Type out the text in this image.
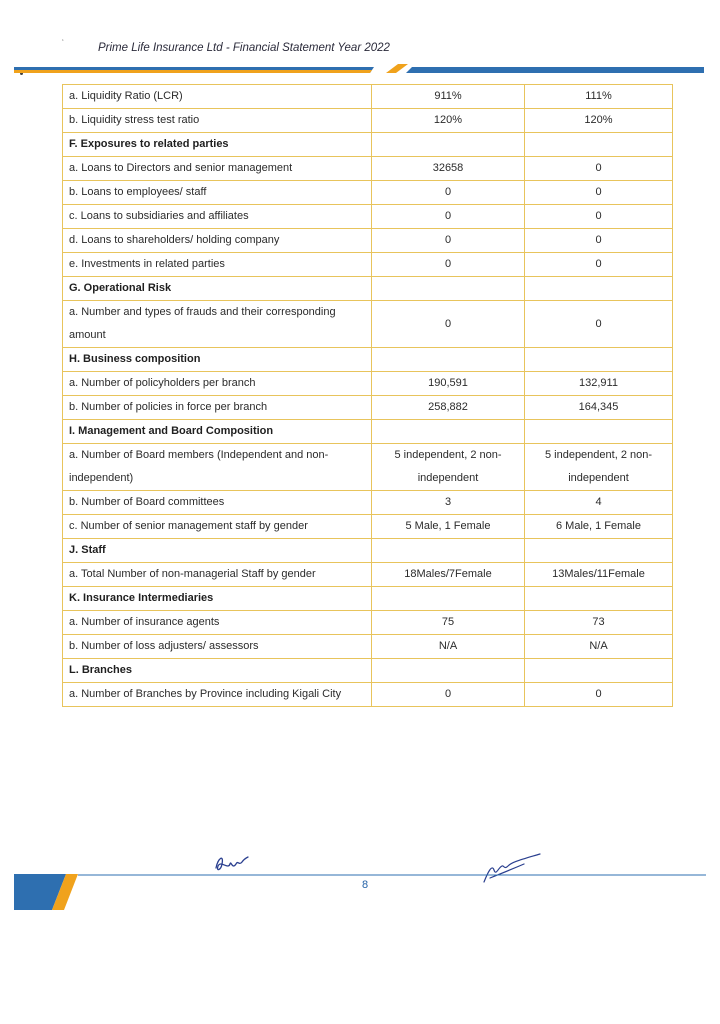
‘	Prime Life Insurance Ltd - Financial Statement Year 2022
a. Liquidity Ratio (LCR)	911%	111%
b. Liquidity stress test ratio	120%	120%
F. Exposures to related parties		
a. Loans to Directors and senior management	32658	0
b. Loans to employees/ staff	0	0
c. Loans to subsidiaries and affiliates	0	0
d. Loans to shareholders/ holding company	0	0
e. Investments in related parties	0	0
G. Operational Risk		
a. Number and types of frauds and their corresponding amount	0	0
H. Business composition		
a. Number of policyholders per branch	190,591	132,911
b. Number of policies in force per branch	258,882	164,345
I. Management and Board Composition		
a. Number of Board members (Independent and non-independent)	5 independent, 2 non-independent	5 independent, 2 non-independent
b. Number of Board committees	3	4
c. Number of senior management staff by gender	5 Male, 1 Female	6 Male, 1 Female
J. Staff		
a. Total Number of non-managerial Staff by gender	18Males/7Female	13Males/11Female
K. Insurance Intermediaries		
a. Number of insurance agents	75	73
b. Number of loss adjusters/ assessors	N/A	N/A
L. Branches		
a. Number of Branches by Province including Kigali City	0	0
8
